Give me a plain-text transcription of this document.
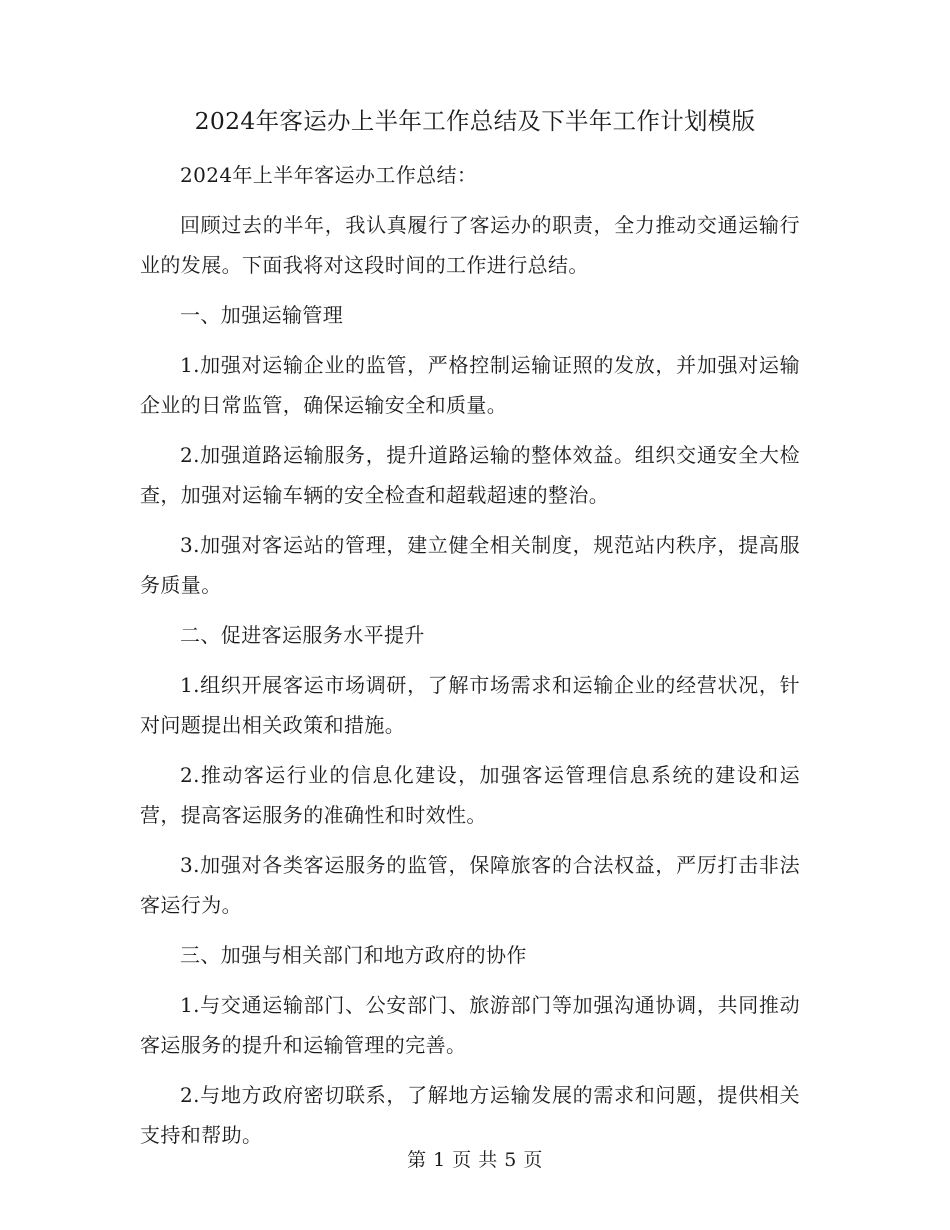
2024年客运办上半年工作总结及下半年工作计划模版

2024年上半年客运办工作总结：

回顾过去的半年，我认真履行了客运办的职责，全力推动交通运输行业的发展。下面我将对这段时间的工作进行总结。

一、加强运输管理

1.加强对运输企业的监管，严格控制运输证照的发放，并加强对运输企业的日常监管，确保运输安全和质量。

2.加强道路运输服务，提升道路运输的整体效益。组织交通安全大检查，加强对运输车辆的安全检查和超载超速的整治。

3.加强对客运站的管理，建立健全相关制度，规范站内秩序，提高服务质量。

二、促进客运服务水平提升

1.组织开展客运市场调研，了解市场需求和运输企业的经营状况，针对问题提出相关政策和措施。

2.推动客运行业的信息化建设，加强客运管理信息系统的建设和运营，提高客运服务的准确性和时效性。

3.加强对各类客运服务的监管，保障旅客的合法权益，严厉打击非法客运行为。

三、加强与相关部门和地方政府的协作

1.与交通运输部门、公安部门、旅游部门等加强沟通协调，共同推动客运服务的提升和运输管理的完善。

2.与地方政府密切联系，了解地方运输发展的需求和问题，提供相关支持和帮助。

第 1 页 共 5 页
